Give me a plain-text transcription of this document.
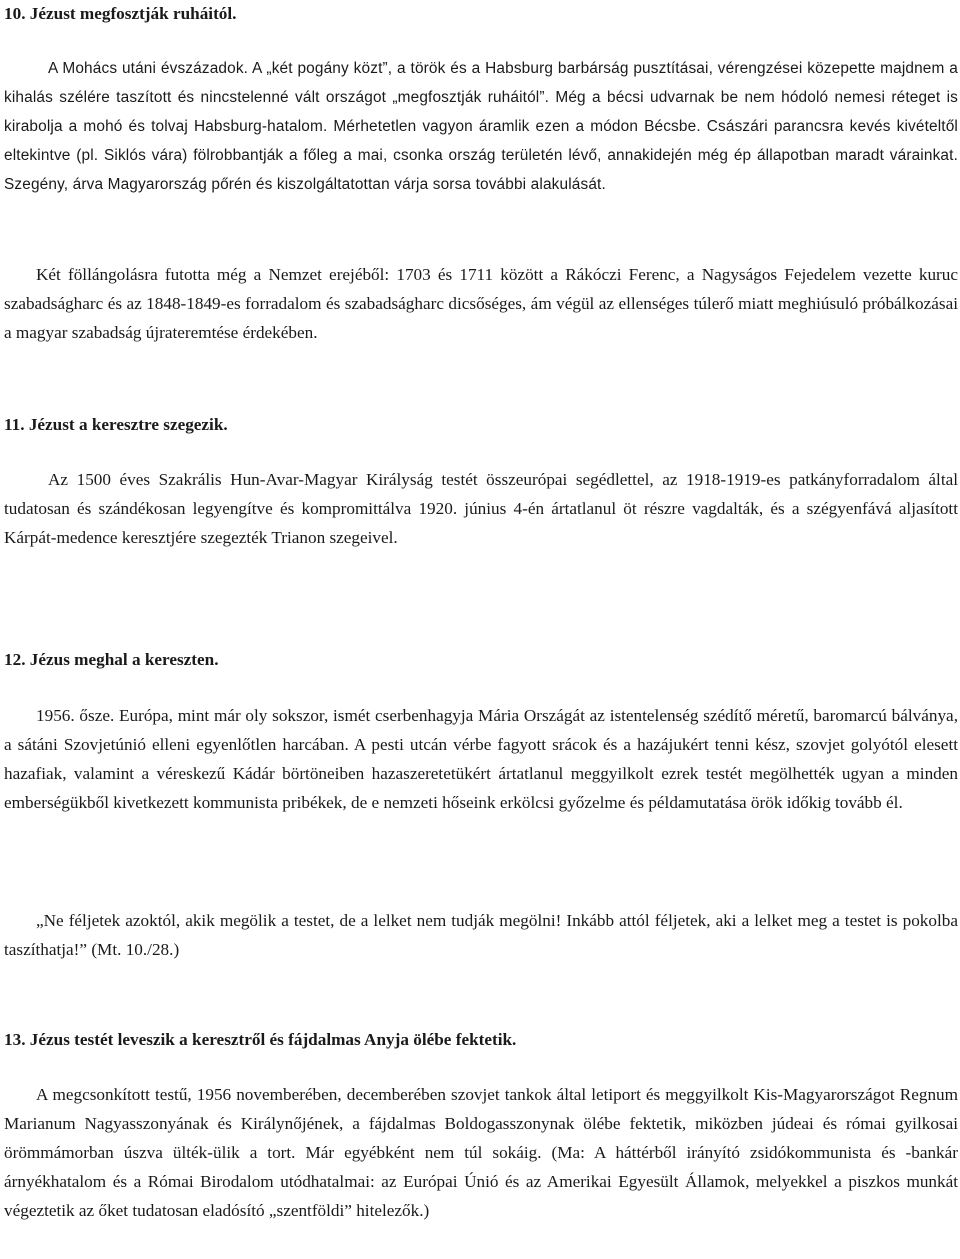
10. Jézust megfosztják ruháitól.

A Mohács utáni évszázadok. A „két pogány közt”, a török és a Habsburg barbárság pusztításai, vérengzései közepette majdnem a kihalás szélére taszított és nincstelenné vált országot „megfosztják ruháitól”. Még a bécsi udvarnak be nem hódoló nemesi réteget is kirabolja a mohó és tolvaj Habsburg-hatalom. Mérhetetlen vagyon áramlik ezen a módon Bécsbe. Császári parancsra kevés kivételtől eltekintve (pl. Siklós vára) fölrobbantják a főleg a mai, csonka ország területén lévő, annakidején még ép állapotban maradt várainkat. Szegény, árva Magyarország pőrén és kiszolgáltatottan várja sorsa további alakulását.

Két föllángolásra futotta még a Nemzet erejéből: 1703 és 1711 között a Rákóczi Ferenc, a Nagyságos Fejedelem vezette kuruc szabadságharc és az 1848-1849-es forradalom és szabadságharc dicsőséges, ám végül az ellenséges túlerő miatt meghiúsuló próbálkozásai a magyar szabadság újrateremtése érdekében.

11. Jézust a keresztre szegezik.

Az 1500 éves Szakrális Hun-Avar-Magyar Királyság testét összeurópai segédlettel, az 1918-1919-es patkányforradalom által tudatosan és szándékosan legyengítve és kompromittálva 1920. június 4-én ártatlanul öt részre vagdalták, és a szégyenfává aljasított Kárpát-medence keresztjére szegezték Trianon szegeivel.

12. Jézus meghal a kereszten.

1956. ősze. Európa, mint már oly sokszor, ismét cserbenhagyja Mária Országát az istentelenség szédítő méretű, baromarcú bálványa, a sátáni Szovjetúnió elleni egyenlőtlen harcában. A pesti utcán vérbe fagyott srácok és a hazájukért tenni kész, szovjet golyótól elesett hazafiak, valamint a véreskezű Kádár börtöneiben hazaszeretetükért ártatlanul meggyilkolt ezrek testét megölhették ugyan a minden emberségükből kivetkezett kommunista pribékek, de e nemzeti hőseink erkölcsi győzelme és példamutatása örök időkig tovább él.

„Ne féljetek azoktól, akik megölik a testet, de a lelket nem tudják megölni! Inkább attól féljetek, aki a lelket meg a testet is pokolba taszíthatja!” (Mt. 10./28.)

13. Jézus testét leveszik a keresztről és fájdalmas Anyja ölébe fektetik.

A megcsonkított testű, 1956 novemberében, decemberében szovjet tankok által letiport és meggyilkolt Kis-Magyarországot Regnum Marianum Nagyasszonyának és Királynőjének, a fájdalmas Boldogasszonynak ölébe fektetik, miközben júdeai és római gyilkosai örömmámorban úszva ülték-ülik a tort. Már egyébként nem túl sokáig. (Ma: A háttérből irányító zsidókommunista és -bankár árnyékhatalom és a Római Birodalom utódhatalmai: az Európai Únió és az Amerikai Egyesült Államok, melyekkel a piszkos munkát végeztetik az őket tudatosan eladósító „szentföldi” hitelezők.)
